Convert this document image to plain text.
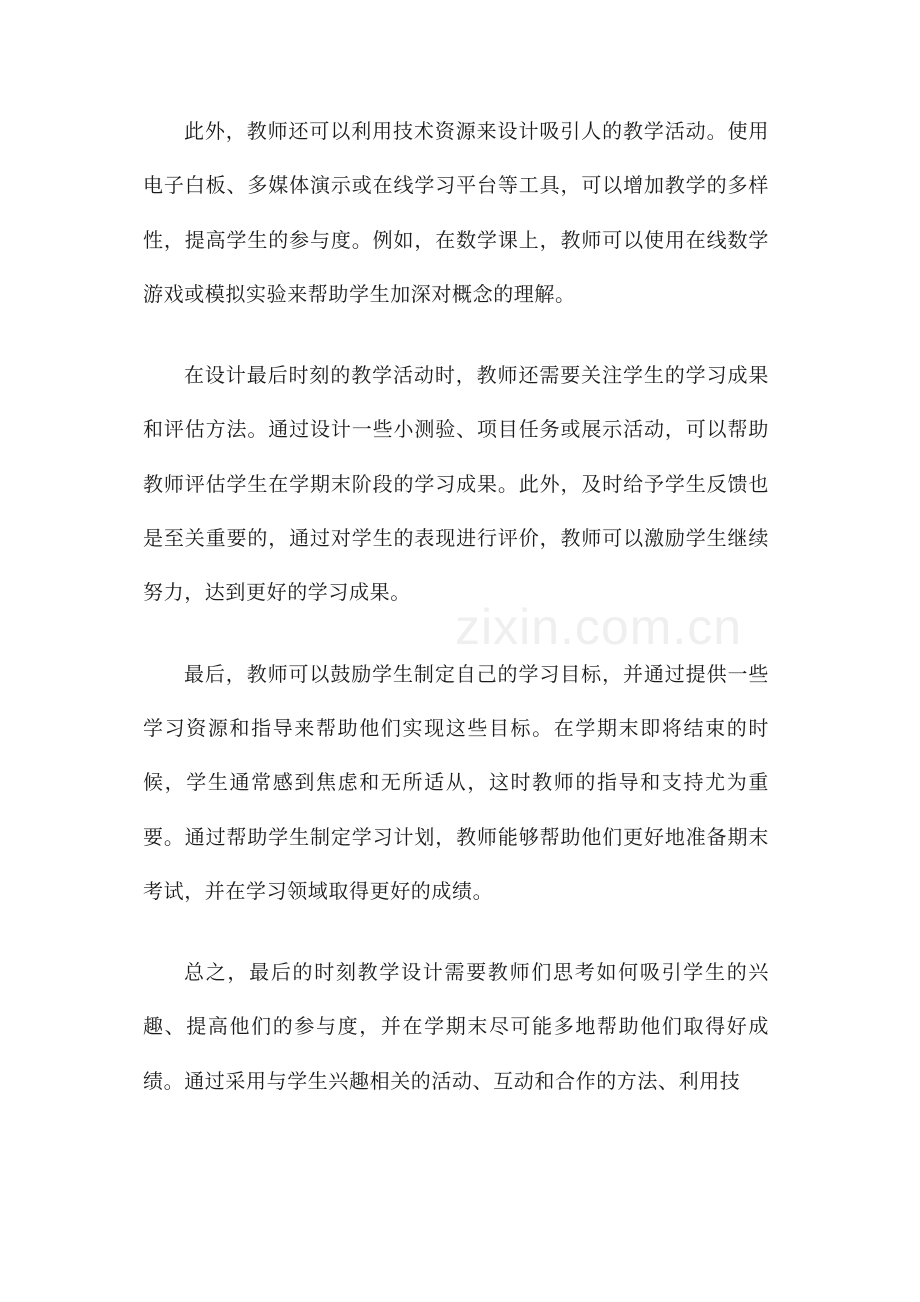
此外，教师还可以利用技术资源来设计吸引人的教学活动。使用电子白板、多媒体演示或在线学习平台等工具，可以增加教学的多样性，提高学生的参与度。例如，在数学课上，教师可以使用在线数学游戏或模拟实验来帮助学生加深对概念的理解。

在设计最后时刻的教学活动时，教师还需要关注学生的学习成果和评估方法。通过设计一些小测验、项目任务或展示活动，可以帮助教师评估学生在学期末阶段的学习成果。此外，及时给予学生反馈也是至关重要的，通过对学生的表现进行评价，教师可以激励学生继续努力，达到更好的学习成果。

最后，教师可以鼓励学生制定自己的学习目标，并通过提供一些学习资源和指导来帮助他们实现这些目标。在学期末即将结束的时候，学生通常感到焦虑和无所适从，这时教师的指导和支持尤为重要。通过帮助学生制定学习计划，教师能够帮助他们更好地准备期末考试，并在学习领域取得更好的成绩。

总之，最后的时刻教学设计需要教师们思考如何吸引学生的兴趣、提高他们的参与度，并在学期末尽可能多地帮助他们取得好成绩。通过采用与学生兴趣相关的活动、互动和合作的方法、利用技

zixin.com.cn
